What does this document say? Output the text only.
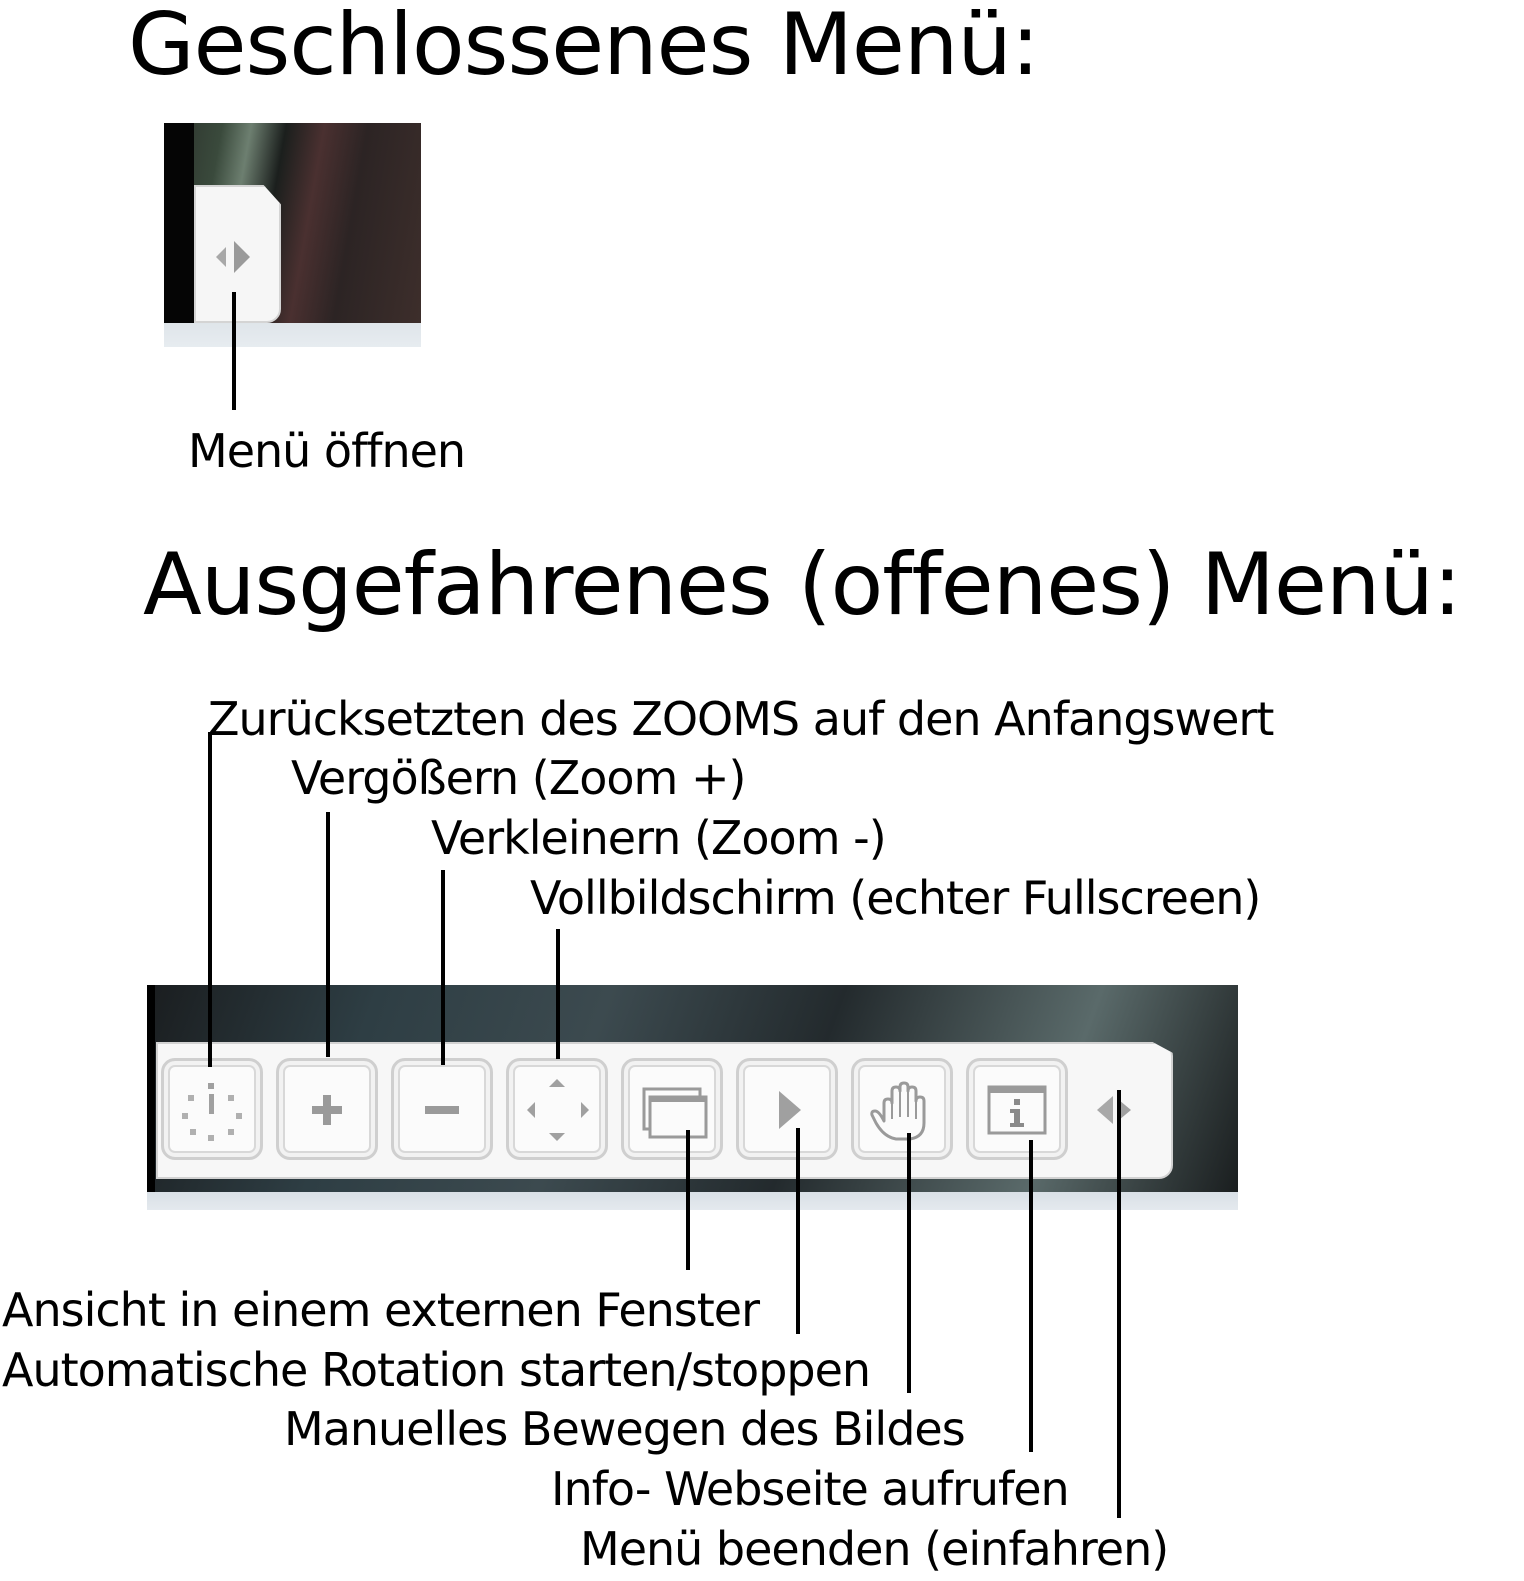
Geschlossenes Menü:
Ausgefahrenes (offenes) Menü:
Menü öffnen
Zurücksetzten des ZOOMS auf den Anfangswert
Vergößern (Zoom +)
Verkleinern (Zoom -)
Vollbildschirm (echter Fullscreen)
Ansicht in einem externen Fenster
Automatische Rotation starten/stoppen
Manuelles Bewegen des Bildes
Info- Webseite aufrufen
Menü beenden (einfahren)
